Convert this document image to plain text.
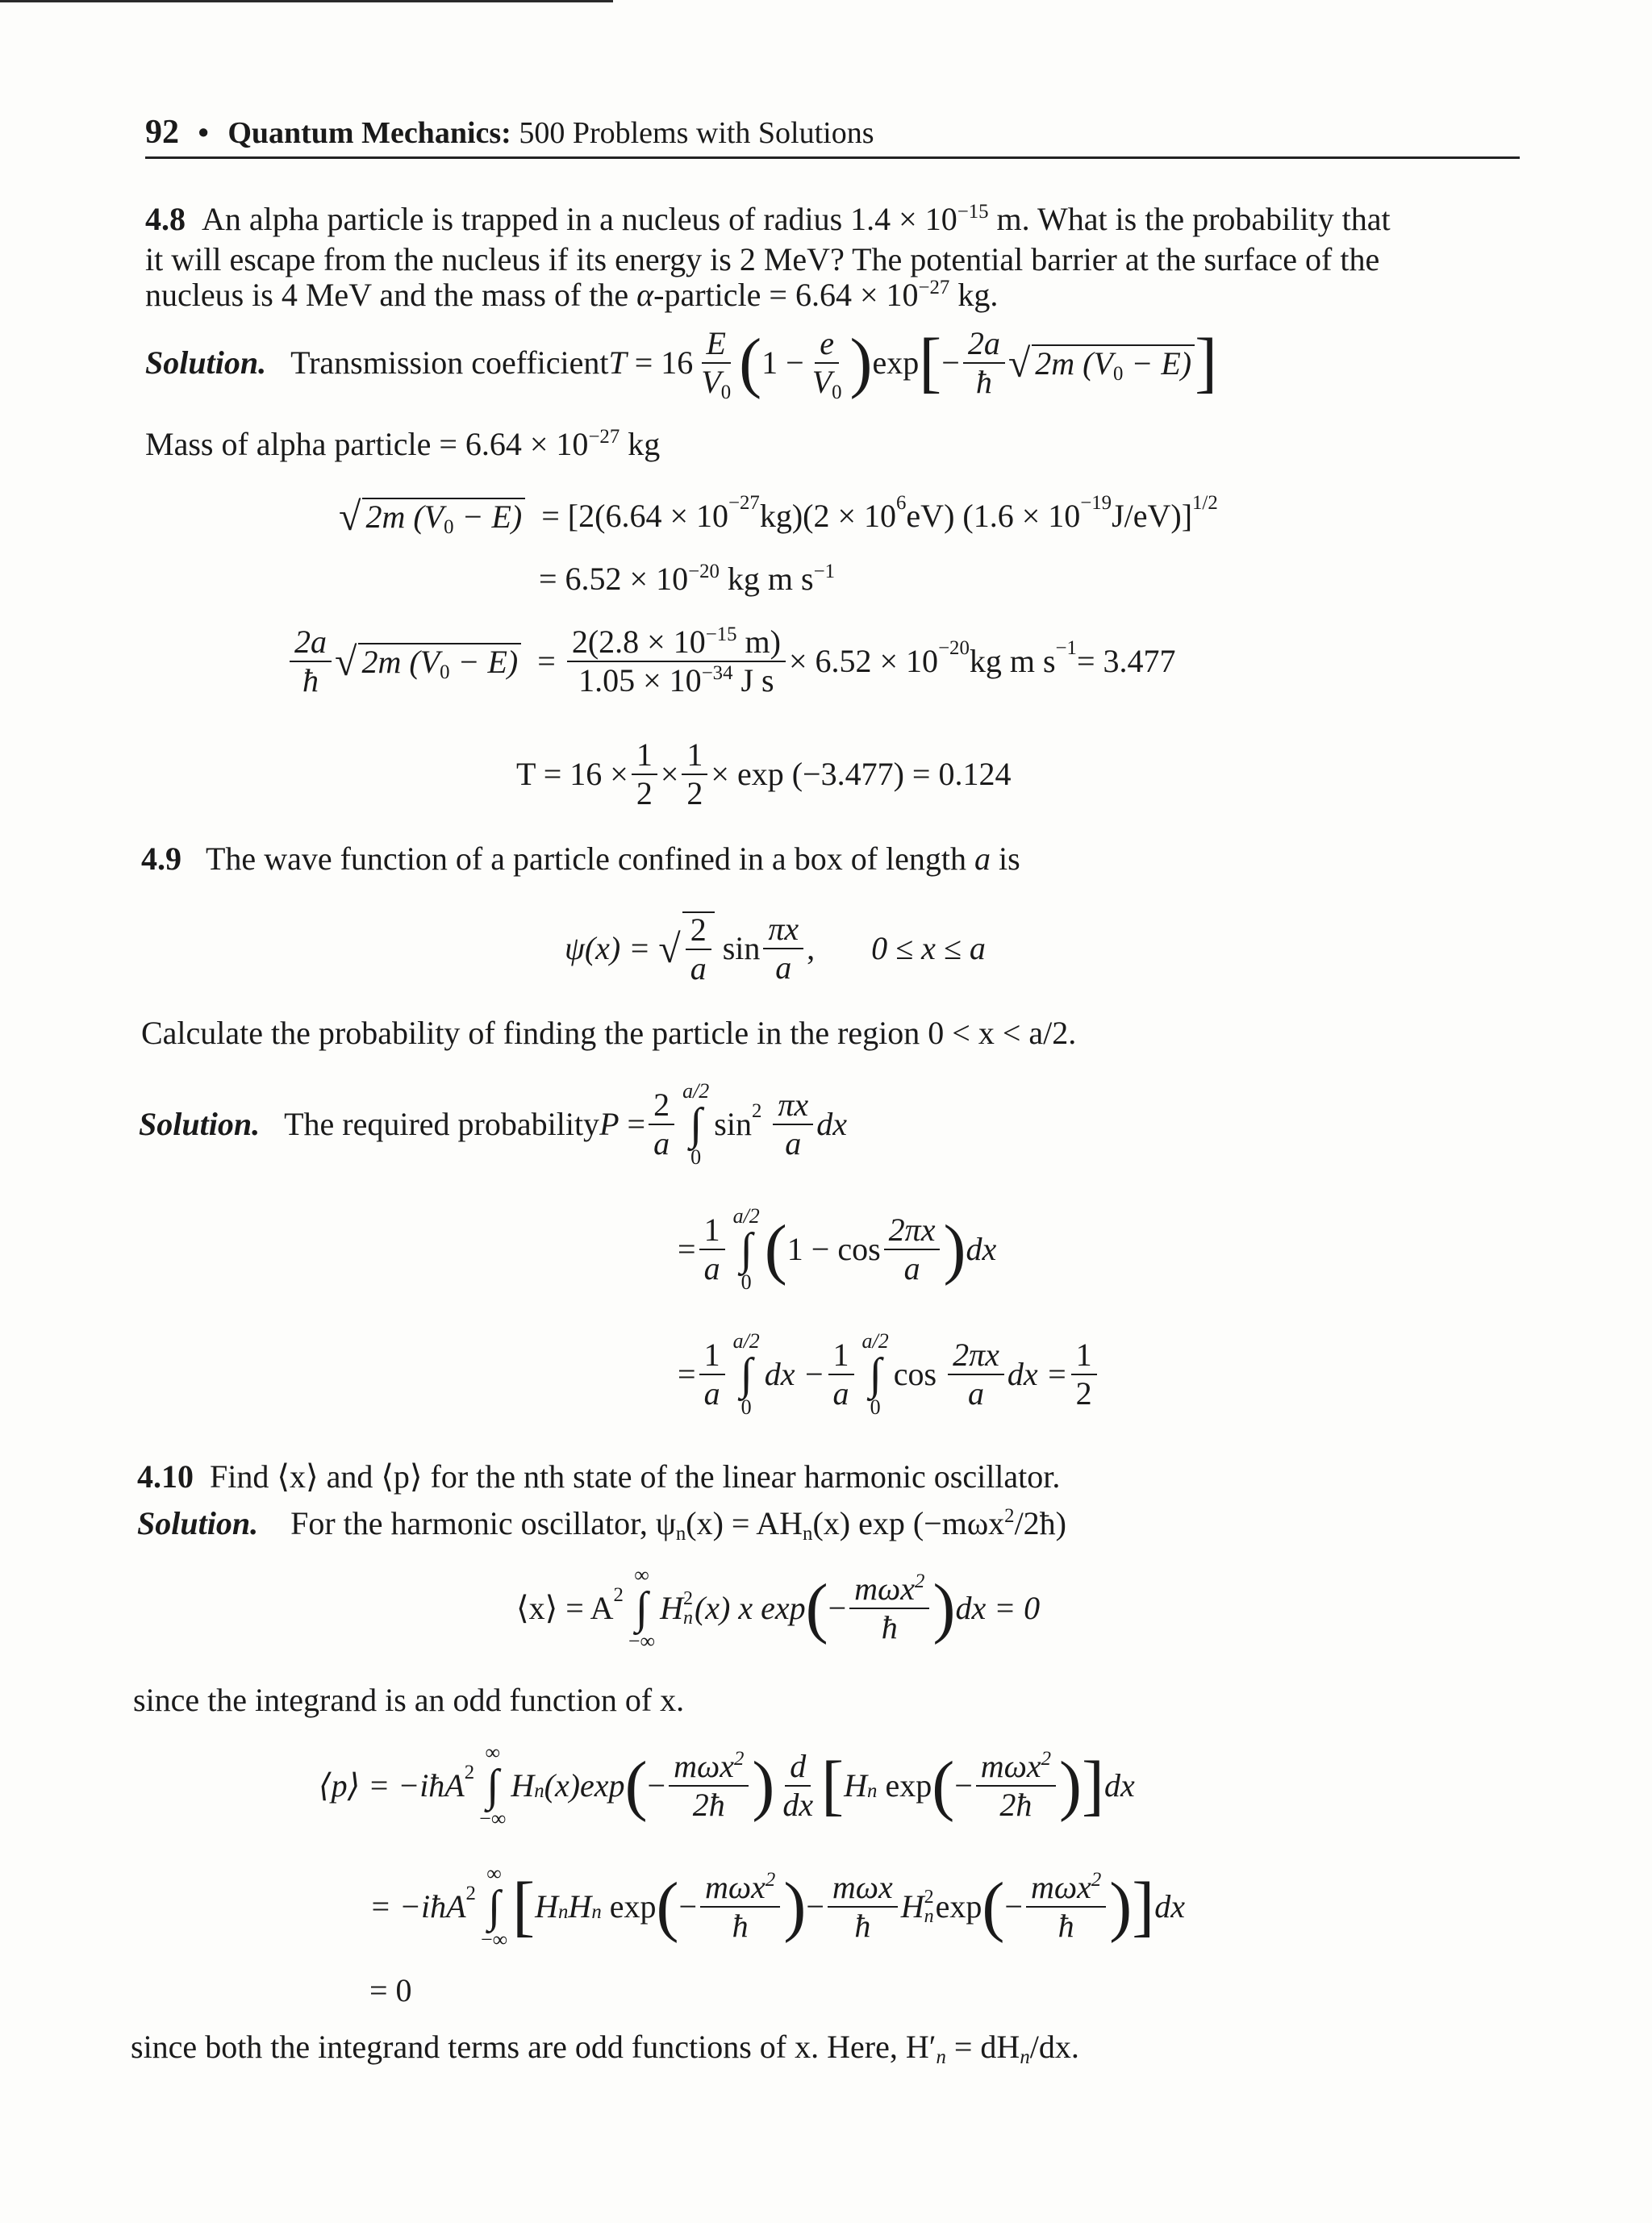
92 • Quantum Mechanics: 500 Problems with Solutions
4.8 An alpha particle is trapped in a nucleus of radius $1.4 \times 10^{-15}$ m. What is the probability that
it will escape from the nucleus if its energy is 2 MeV? The potential barrier at the surface of the
nucleus is 4 MeV and the mass of the α-particle = $6.64 \times 10^{-27}$ kg.
Solution.
Transmission coefficient T
= $16 \frac{E}{V_0}$ ( $1 - \frac{e}{V_0}$ ) exp [ − $\frac{2a}{ħ}$ √ 2m $(V_0 - E)$ ]
Mass of alpha particle = $6.64 \times 10^{-27}$ kg
√ 2m $(V_0 - E)$
= [$2(6.64 \times 10^{-27}$ $kg)(2 \times 10^6$ eV) ($1.6 \times 10^{-19}$ J/eV)]$^{1/2}$
= $6.52 \times 10^{-20}$ kg m $s^{-1}$
$\frac{2a}{ħ}$ √ 2m $(V_0 - E) = \frac{2(2.8 \times 10^{-15} m)}{1.05 \times 10^{-34} J s} \times 6.52 \times 10^{-20}$ kg m $s^{-1} = 3.477$
$T = 16 \times \frac{1}{2} \times \frac{1}{2} \times \exp (-3.477) = 0.124$
4.9 The wave function of a particle confined in a box of length a is
ψ(x) =
√ $\frac{2}{a}$
$\sin \frac{\pi x}{a}$ , 0 ≤ x ≤ a
Calculate the probability of finding the particle in the region 0 < x < a/2.
Solution.
The required probability P
= $\frac{2}{a} a/2$
∫
0
$\sin^2$
$\frac{\pi x}{a}$ dx
= $\frac{1}{a} a/2$
∫
0 ( $1 - \cos \frac{2\pi x}{a}$ ) dx
= $\frac{1}{a} a/2$
∫
0
dx − $\frac{1}{a} a/2$
∫
0
cos
$\frac{2\pi x}{a}$ dx = $\frac{1}{2}$
4.10 Find ⟨x⟩ and ⟨p⟩ for the nth state of the linear harmonic oscillator.
Solution. For the harmonic oscillator, $\psi_n(x) = AH_n(x)$ exp (−mωx$^2$/2ħ)
⟨x⟩ = $A^2$
∞
∫
−∞
H 2
n (x) x exp ( − $\frac{m\omega x^2}{ħ}$ ) dx = 0
since the integrand is an odd function of x.
⟨p⟩ = −iħA$^2$
∞
∫
−∞
$H_n$ (x)exp ( − $\frac{m\omega x^2}{2ħ}$ ) $\frac{d}{dx}$ [ $H_n$
exp ( − $\frac{m\omega x^2}{2ħ}$ ) ] dx
= −iħA$^2$
∞
∫
−∞ [ $H_n$ $H_n$
exp ( − $\frac{m\omega x^2}{ħ}$ ) − $\frac{\text{mωx}}{ħ}$ H 2
n exp ( − $\frac{m\omega x^2}{ħ}$ ) ] dx
= 0
since both the integrand terms are odd functions of x. Here, $H'_n = dH_n/dx$.
